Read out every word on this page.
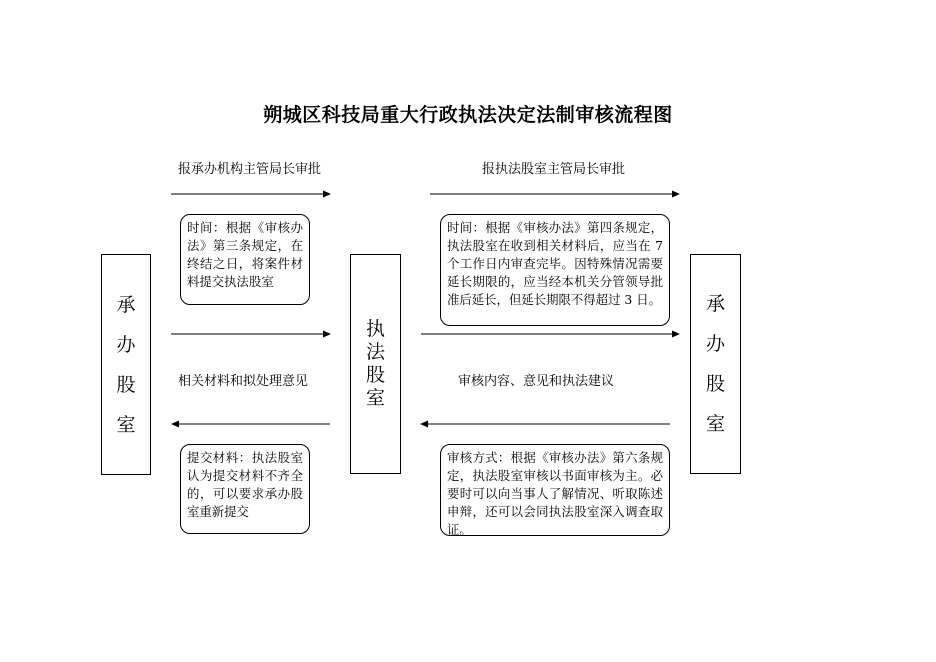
朔城区科技局重大行政执法决定法制审核流程图
报承办机构主管局长审批	报执法股室主管局长审批
相关材料和拟处理意见	审核内容、意见和执法建议
承
办
股
室
执
法
股
室
承
办
股
室
时间：根据《审核办法》第三条规定，在终结之日，将案件材料提交执法股室
时间：根据《审核办法》第四条规定，执法股室在收到相关材料后，应当在 7 个工作日内审查完毕。因特殊情况需要延长期限的，应当经本机关分管领导批准后延长，但延长期限不得超过 3 日。
提交材料：执法股室认为提交材料不齐全的，可以要求承办股室重新提交
审核方式：根据《审核办法》第六条规定，执法股室审核以书面审核为主。必要时可以向当事人了解情况、听取陈述申辩，还可以会同执法股室深入调查取证。
